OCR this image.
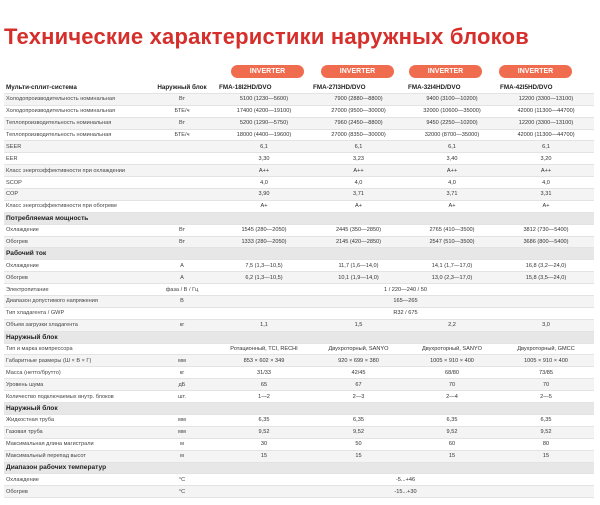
Технические характеристики наружных блоков
INVERTER	INVERTER	INVERTER	INVERTER
Мульти-сплит-система	Наружный блок	FMA-18I2HD/DVO	FMA-27I3HD/DVO	FMA-32I4HD/DVO	FMA-42I5HD/DVO
Холодопроизводительность номинальная	Вт	5100 (1230—5600)	7900 (2880—8800)	9400 (3100—10200)	12200 (3300—13100)
Холодопроизводительность номинальная	БТЕ/ч	17400 (4200—19100)	27000 (9500—30000)	32000 (10600—35000)	42000 (11300—44700)
Теплопроизводительность номинальная	Вт	5200 (1290—5750)	7960 (2450—8800)	9450 (2250—10200)	12200 (3300—13100)
Теплопроизводительность номинальная	БТЕ/ч	18000 (4400—19600)	27000 (8350—30000)	32000 (8700—35000)	42000 (11300—44700)
SEER		6,1	6,1	6,1	6,1
EER		3,30	3,23	3,40	3,20
Класс энергоэффективности при охлаждении		A++	A++	A++	A++
SCOP		4,0	4,0	4,0	4,0
COP		3,90	3,71	3,71	3,31
Класс энергоэффективности при обогреве		A+	A+	A+	A+
Потребляемая мощность					
Охлаждение	Вт	1545 (280—2050)	2445 (350—2850)	2765 (410—3500)	3812 (730—5400)
Обогрев	Вт	1333 (280—2050)	2145 (420—2850)	2547 (510—3500)	3686 (800—5400)
Рабочий ток					
Охлаждение	А	7,5 (1,3—10,5)	11,7 (1,6—14,0)	14,1 (1,7—17,0)	16,8 (3,2—24,0)
Обогрев	А	6,2 (1,3—10,5)	10,1 (1,9—14,0)	13,0 (2,3—17,0)	15,8 (3,5—24,0)
Электропитание	фаза / В / Гц	1 / 220—240 / 50			
Диапазон допустимого напряжения	В	165—265			
Тип хладагента / GWP		R32 / 675			
Объем загрузки хладагента	кг	1,1	1,5	2,2	3,0
Наружный блок					
Тип и марка компрессора		Ротационный, TCI, RECHI	Двухроторный, SANYO	Двухроторный, SANYO	Двухроторный, GMCC
Габаритные размеры (Ш × В × Г)	мм	853 × 602 × 349	920 × 699 × 380	1005 × 910 × 400	1005 × 910 × 400
Масса (нетто/брутто)	кг	31/33	42/45	68/80	73/85
Уровень шума	дБ	65	67	70	70
Количество подключаемых внутр. блоков	шт.	1—2	2—3	2—4	2—5
Наружный блок					
Жидкостная труба	мм	6,35	6,35	6,35	6,35
Газовая труба	мм	9,52	9,52	9,52	9,52
Максимальная длина магистрали	м	30	50	60	80
Максимальный перепад высот	м	15	15	15	15
Диапазон рабочих температур					
Охлаждение	°C	-5...+46			
Обогрев	°C	-15...+30			
